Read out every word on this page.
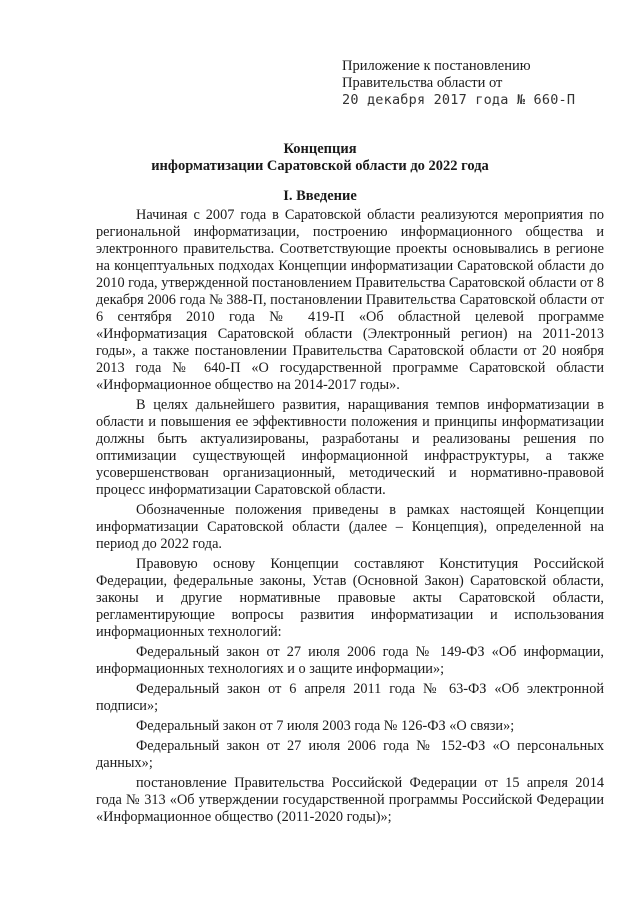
Приложение к постановлению
Правительства области от
20 декабря 2017 года № 660-П
Концепция
информатизации Саратовской области до 2022 года
I. Введение

Начиная с 2007 года в Саратовской области реализуются мероприятия по региональной информатизации, построению информационного общества и электронного правительства. Соответствующие проекты основывались в регионе на концептуальных подходах Концепции информатизации Саратовской области до 2010 года, утвержденной постановлением Правительства Саратовской области от 8 декабря 2006 года № 388-П, постановлении Правительства Саратовской области от 6 сентября 2010 года № 419-П «Об областной целевой программе «Информатизация Саратовской области (Электронный регион) на 2011-2013 годы», а также постановлении Правительства Саратовской области от 20 ноября 2013 года № 640-П «О государственной программе Саратовской области «Информационное общество на 2014-2017 годы».

В целях дальнейшего развития, наращивания темпов информатизации в области и повышения ее эффективности положения и принципы информатизации должны быть актуализированы, разработаны и реализованы решения по оптимизации существующей информационной инфраструктуры, а также усовершенствован организационный, методический и нормативно-правовой процесс информатизации Саратовской области.

Обозначенные положения приведены в рамках настоящей Концепции информатизации Саратовской области (далее – Концепция), определенной на период до 2022 года.

Правовую основу Концепции составляют Конституция Российской Федерации, федеральные законы, Устав (Основной Закон) Саратовской области, законы и другие нормативные правовые акты Саратовской области, регламентирующие вопросы развития информатизации и использования информационных технологий:

Федеральный закон от 27 июля 2006 года № 149-ФЗ «Об информации, информационных технологиях и о защите информации»;

Федеральный закон от 6 апреля 2011 года № 63-ФЗ «Об электронной подписи»;

Федеральный закон от 7 июля 2003 года № 126-ФЗ «О связи»;

Федеральный закон от 27 июля 2006 года № 152-ФЗ «О персональных данных»;

постановление Правительства Российской Федерации от 15 апреля 2014 года № 313 «Об утверждении государственной программы Российской Федерации «Информационное общество (2011-2020 годы)»;
